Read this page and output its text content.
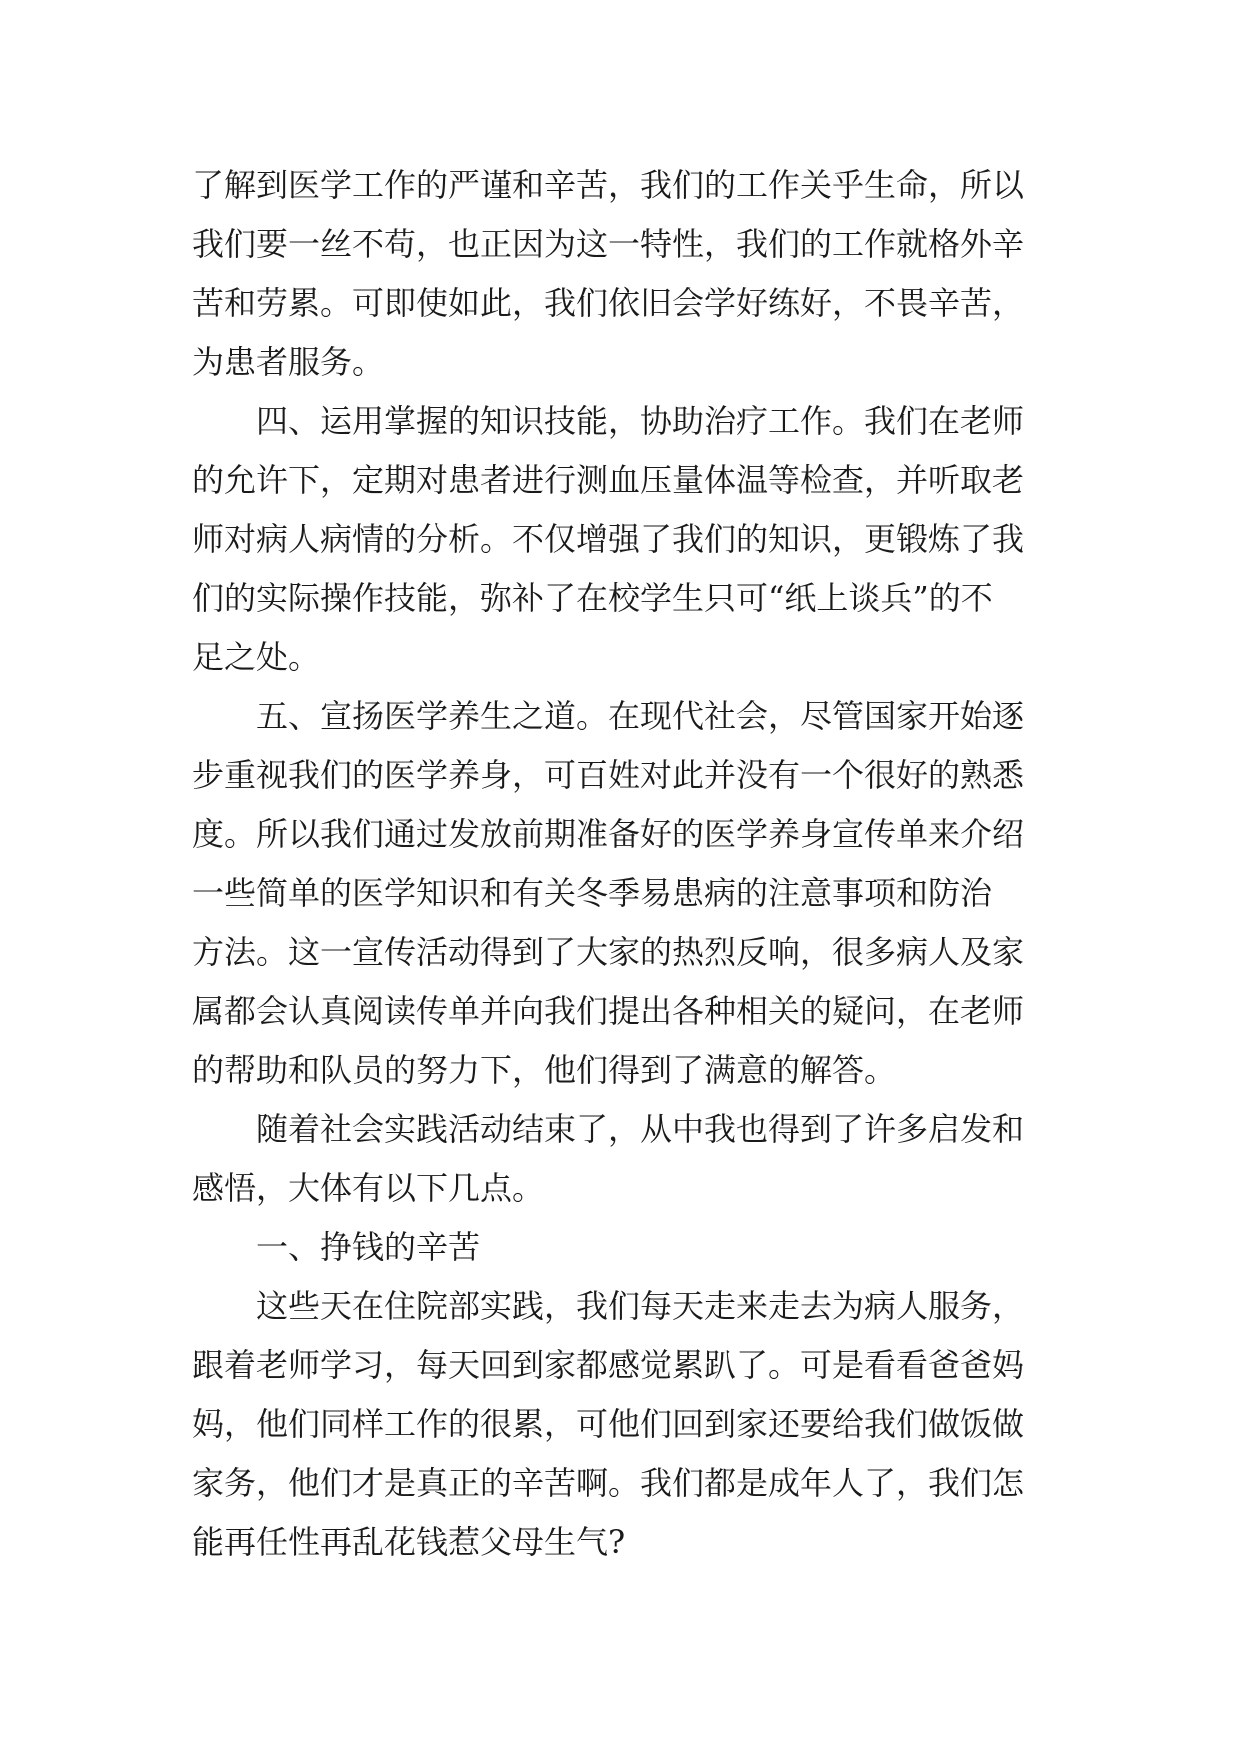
了解到医学工作的严谨和辛苦，我们的工作关乎生命，所以
我们要一丝不苟，也正因为这一特性，我们的工作就格外辛
苦和劳累。可即使如此，我们依旧会学好练好，不畏辛苦，
为患者服务。
四、运用掌握的知识技能，协助治疗工作。我们在老师
的允许下，定期对患者进行测血压量体温等检查，并听取老
师对病人病情的分析。不仅增强了我们的知识，更锻炼了我
们的实际操作技能，弥补了在校学生只可“纸上谈兵”的不
足之处。
五、宣扬医学养生之道。在现代社会，尽管国家开始逐
步重视我们的医学养身，可百姓对此并没有一个很好的熟悉
度。所以我们通过发放前期准备好的医学养身宣传单来介绍
一些简单的医学知识和有关冬季易患病的注意事项和防治
方法。这一宣传活动得到了大家的热烈反响，很多病人及家
属都会认真阅读传单并向我们提出各种相关的疑问，在老师
的帮助和队员的努力下，他们得到了满意的解答。
随着社会实践活动结束了，从中我也得到了许多启发和
感悟，大体有以下几点。
一、挣钱的辛苦
这些天在住院部实践，我们每天走来走去为病人服务，
跟着老师学习，每天回到家都感觉累趴了。可是看看爸爸妈
妈，他们同样工作的很累，可他们回到家还要给我们做饭做
家务，他们才是真正的辛苦啊。我们都是成年人了，我们怎
能再任性再乱花钱惹父母生气?
